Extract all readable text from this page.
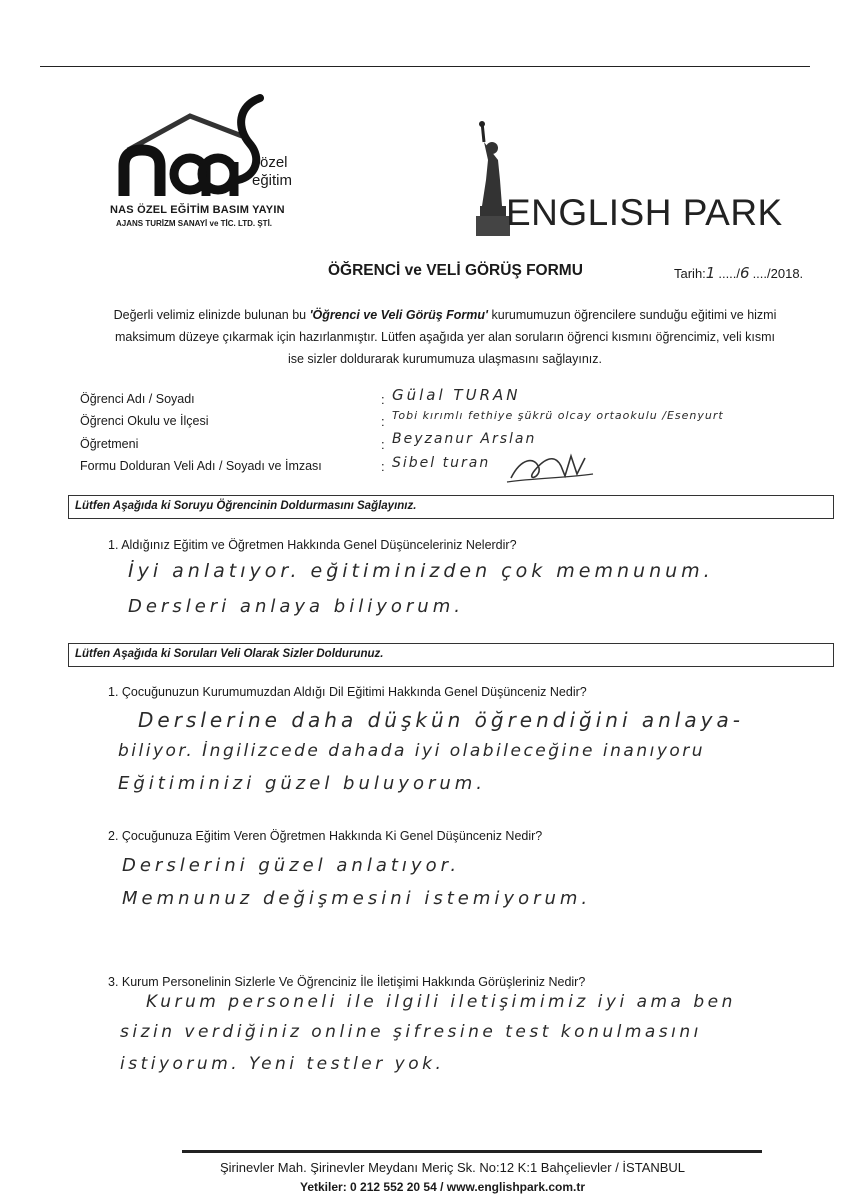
özel
eğitim
NAS ÖZEL EĞİTİM BASIM YAYIN
AJANS TURİZM SANAYİ ve TİC. LTD. ŞTİ.	ENGLISH PARK
ÖĞRENCİ ve VELİ GÖRÜŞ FORMU	Tarih:1...../6..../2018.
Değerli velimiz elinizde bulunan bu 'Öğrenci ve Veli Görüş Formu' kurumumuzun öğrencilere sunduğu eğitimi ve hizmi
maksimum düzeye çıkarmak için hazırlanmıştır. Lütfen aşağıda yer alan soruların öğrenci kısmını öğrencimiz, veli kısmı
ise sizler doldurarak kurumumuza ulaşmasını sağlayınız.
Öğrenci Adı / Soyadı	: Gülal TURAN
Öğrenci Okulu ve İlçesi	: Tobi kırımlı fethiye şükrü olcay ortaokulu /Esenyurt
Öğretmeni	: Beyzanur Arslan
Formu Dolduran Veli Adı / Soyadı ve İmzası	: Sibel turan
Lütfen Aşağıda ki Soruyu Öğrencinin Doldurmasını Sağlayınız.
1. Aldığınız Eğitim ve Öğretmen Hakkında Genel Düşünceleriniz Nelerdir?
İyi anlatıyor. eğitiminizden çok memnunum.
Dersleri anlaya biliyorum.
Lütfen Aşağıda ki Soruları Veli Olarak Sizler Doldurunuz.
1. Çocuğunuzun Kurumumuzdan Aldığı Dil Eğitimi Hakkında Genel Düşünceniz Nedir?
Derslerine daha düşkün öğrendiğini anlaya-
biliyor. İngilizcede dahada iyi olabileceğine inanıyoru
Eğitiminizi güzel buluyorum.
2. Çocuğunuza Eğitim Veren Öğretmen Hakkında Ki Genel Düşünceniz Nedir?
Derslerini güzel anlatıyor.
Memnunuz değişmesini istemiyorum.
3. Kurum Personelinin Sizlerle Ve Öğrenciniz İle İletişimi Hakkında Görüşleriniz Nedir?
Kurum personeli ile ilgili iletişimimiz iyi ama ben
sizin verdiğiniz online şifresine test konulmasını
istiyorum. Yeni testler yok.
Şirinevler Mah. Şirinevler Meydanı Meriç Sk. No:12 K:1 Bahçelievler / İSTANBUL
Yetkiler: 0 212 552 20 54 / www.englishpark.com.tr
